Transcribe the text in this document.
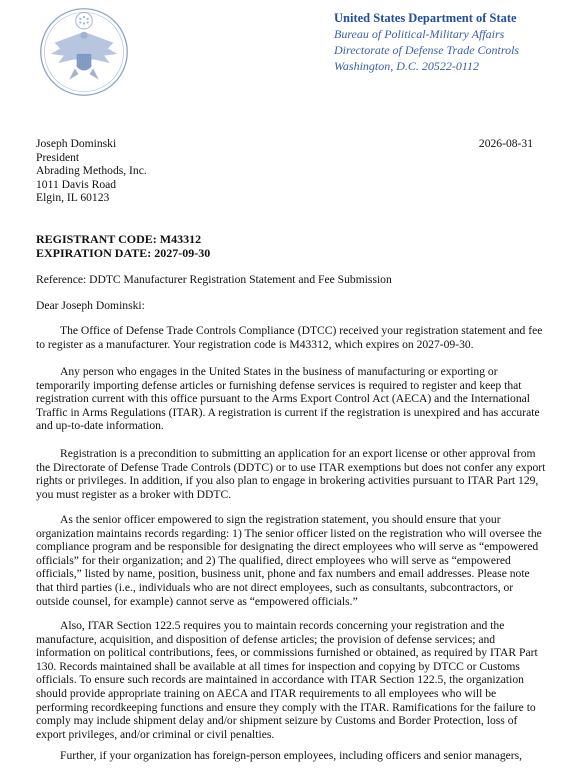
United States Department of State
Bureau of Political-Military Affairs
Directorate of Defense Trade Controls
Washington, D.C. 20522-0112
2026-08-31
Joseph Dominski
President
Abrading Methods, Inc.
1011 Davis Road
Elgin, IL 60123
REGISTRANT CODE: M43312
EXPIRATION DATE: 2027-09-30
Reference: DDTC Manufacturer Registration Statement and Fee Submission
Dear Joseph Dominski:
The Office of Defense Trade Controls Compliance (DTCC) received your registration statement and fee to register as a manufacturer. Your registration code is M43312, which expires on 2027-09-30.
Any person who engages in the United States in the business of manufacturing or exporting or temporarily importing defense articles or furnishing defense services is required to register and keep that registration current with this office pursuant to the Arms Export Control Act (AECA) and the International Traffic in Arms Regulations (ITAR). A registration is current if the registration is unexpired and has accurate and up-to-date information.
Registration is a precondition to submitting an application for an export license or other approval from the Directorate of Defense Trade Controls (DDTC) or to use ITAR exemptions but does not confer any export rights or privileges. In addition, if you also plan to engage in brokering activities pursuant to ITAR Part 129, you must register as a broker with DDTC.
As the senior officer empowered to sign the registration statement, you should ensure that your organization maintains records regarding: 1) The senior officer listed on the registration who will oversee the compliance program and be responsible for designating the direct employees who will serve as “empowered officials” for their organization; and 2) The qualified, direct employees who will serve as “empowered officials,” listed by name, position, business unit, phone and fax numbers and email addresses. Please note that third parties (i.e., individuals who are not direct employees, such as consultants, subcontractors, or outside counsel, for example) cannot serve as “empowered officials.”
Also, ITAR Section 122.5 requires you to maintain records concerning your registration and the manufacture, acquisition, and disposition of defense articles; the provision of defense services; and information on political contributions, fees, or commissions furnished or obtained, as required by ITAR Part 130. Records maintained shall be available at all times for inspection and copying by DTCC or Customs officials. To ensure such records are maintained in accordance with ITAR Section 122.5, the organization should provide appropriate training on AECA and ITAR requirements to all employees who will be performing recordkeeping functions and ensure they comply with the ITAR. Ramifications for the failure to comply may include shipment delay and/or shipment seizure by Customs and Border Protection, loss of export privileges, and/or criminal or civil penalties.
Further, if your organization has foreign-person employees, including officers and senior managers,
